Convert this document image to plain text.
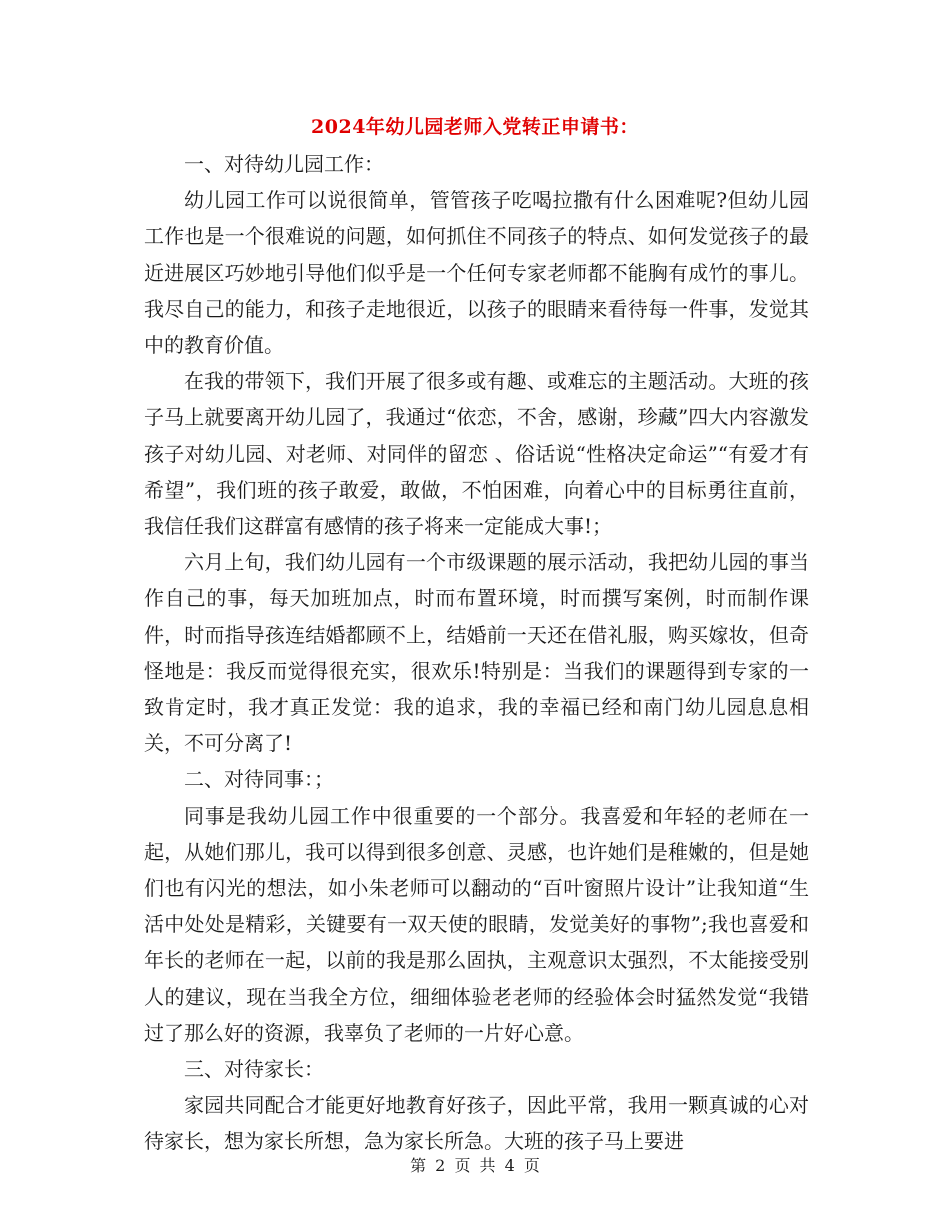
2024年幼儿园老师入党转正申请书：

一、对待幼儿园工作：

幼儿园工作可以说很简单，管管孩子吃喝拉撒有什么困难呢?但幼儿园工作也是一个很难说的问题，如何抓住不同孩子的特点、如何发觉孩子的最近进展区巧妙地引导他们似乎是一个任何专家老师都不能胸有成竹的事儿。我尽自己的能力，和孩子走地很近，以孩子的眼睛来看待每一件事，发觉其中的教育价值。

在我的带领下，我们开展了很多或有趣、或难忘的主题活动。大班的孩子马上就要离开幼儿园了，我通过“依恋，不舍，感谢，珍藏”四大内容激发孩子对幼儿园、对老师、对同伴的留恋 、俗话说“性格决定命运”“有爱才有希望”，我们班的孩子敢爱，敢做，不怕困难，向着心中的目标勇往直前，我信任我们这群富有感情的孩子将来一定能成大事!；

六月上旬，我们幼儿园有一个市级课题的展示活动，我把幼儿园的事当作自己的事，每天加班加点，时而布置环境，时而撰写案例，时而制作课件，时而指导孩连结婚都顾不上，结婚前一天还在借礼服，购买嫁妆，但奇怪地是：我反而觉得很充实，很欢乐!特别是：当我们的课题得到专家的一致肯定时，我才真正发觉：我的追求，我的幸福已经和南门幼儿园息息相关，不可分离了!

二、对待同事：；

同事是我幼儿园工作中很重要的一个部分。我喜爱和年轻的老师在一起，从她们那儿，我可以得到很多创意、灵感，也许她们是稚嫩的，但是她们也有闪光的想法，如小朱老师可以翻动的“百叶窗照片设计”让我知道“生活中处处是精彩，关键要有一双天使的眼睛，发觉美好的事物”;我也喜爱和年长的老师在一起，以前的我是那么固执，主观意识太强烈，不太能接受别人的建议，现在当我全方位，细细体验老老师的经验体会时猛然发觉“我错过了那么好的资源，我辜负了老师的一片好心意。

三、对待家长：

家园共同配合才能更好地教育好孩子，因此平常，我用一颗真诚的心对待家长，想为家长所想，急为家长所急。大班的孩子马上要进

第 2 页 共 4 页
